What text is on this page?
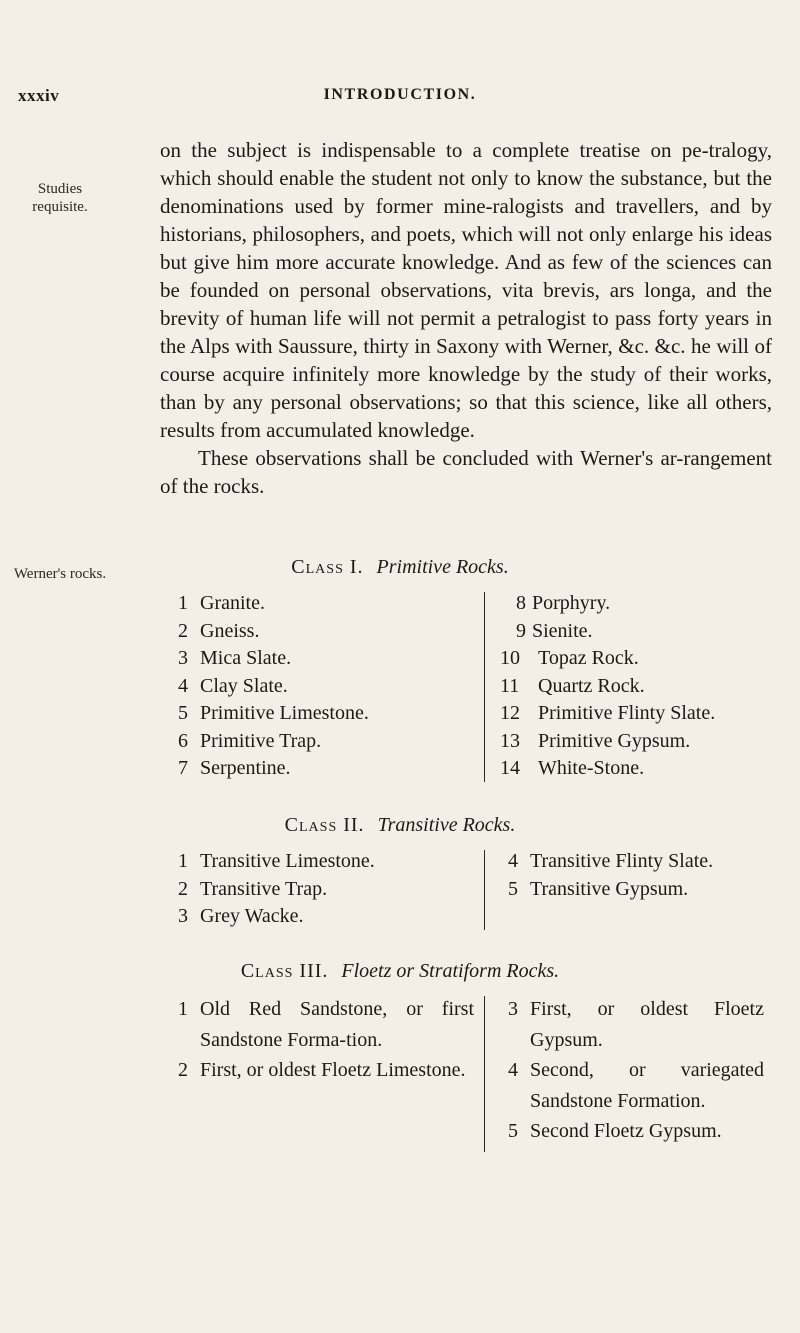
xxxiv	INTRODUCTION.
Studies requisite.
Werner's rocks.

on the subject is indispensable to a complete treatise on pe-tralogy, which should enable the student not only to know the substance, but the denominations used by former mine-ralogists and travellers, and by historians, philosophers, and poets, which will not only enlarge his ideas but give him more accurate knowledge. And as few of the sciences can be founded on personal observations, vita brevis, ars longa, and the brevity of human life will not permit a petralogist to pass forty years in the Alps with Saussure, thirty in Saxony with Werner, &c. &c. he will of course acquire infinitely more knowledge by the study of their works, than by any personal observations; so that this science, like all others, results from accumulated knowledge.

These observations shall be concluded with Werner's ar-rangement of the rocks.

Class I. Primitive Rocks.
1 Granite.
2 Gneiss.
3 Mica Slate.
4 Clay Slate.
5 Primitive Limestone.
6 Primitive Trap.
7 Serpentine.
8 Porphyry.
9 Sienite.
10 Topaz Rock.
11 Quartz Rock.
12 Primitive Flinty Slate.
13 Primitive Gypsum.
14 White-Stone.
Class II. Transitive Rocks.
1 Transitive Limestone.
2 Transitive Trap.
3 Grey Wacke.
4 Transitive Flinty Slate.
5 Transitive Gypsum.
Class III. Floetz or Stratiform Rocks.
1 Old Red Sandstone, or first Sandstone Forma-tion.
2 First, or oldest Floetz Limestone.
3 First, or oldest Floetz Gypsum.
4 Second, or variegated Sandstone Formation.
5 Second Floetz Gypsum.
